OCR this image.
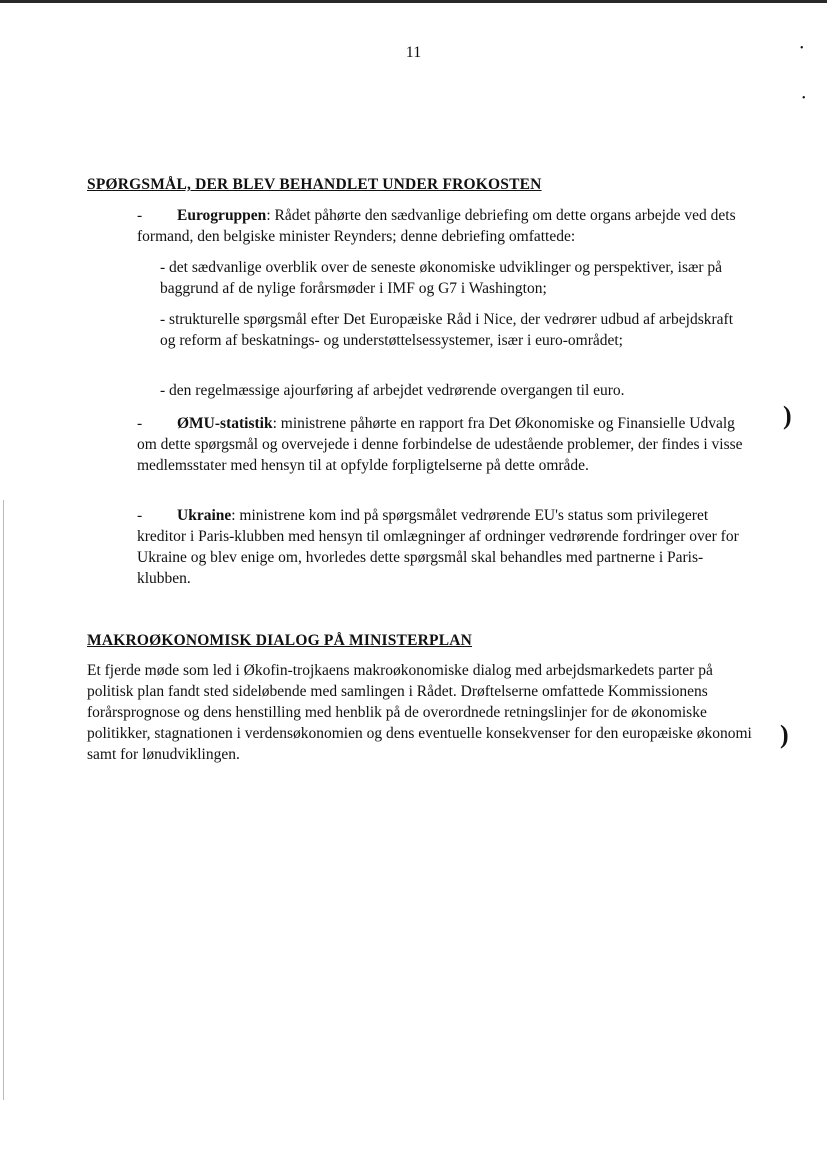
•
•
11
SPØRGSMÅL, DER BLEV BEHANDLET UNDER FROKOSTEN

- Eurogruppen: Rådet påhørte den sædvanlige debriefing om dette organs arbejde ved dets formand, den belgiske minister Reynders; denne debriefing omfattede:

- det sædvanlige overblik over de seneste økonomiske udviklinger og perspektiver, især på baggrund af de nylige forårsmøder i IMF og G7 i Washington;

- strukturelle spørgsmål efter Det Europæiske Råd i Nice, der vedrører udbud af arbejdskraft og reform af beskatnings- og understøttelsessystemer, især i euro-området;

- den regelmæssige ajourføring af arbejdet vedrørende overgangen til euro.

- ØMU-statistik: ministrene påhørte en rapport fra Det Økonomiske og Finansielle Udvalg om dette spørgsmål og overvejede i denne forbindelse de udestående problemer, der findes i visse medlemsstater med hensyn til at opfylde forpligtelserne på dette område.

- Ukraine: ministrene kom ind på spørgsmålet vedrørende EU's status som privilegeret kreditor i Paris-klubben med hensyn til omlægninger af ordninger vedrørende fordringer over for Ukraine og blev enige om, hvorledes dette spørgsmål skal behandles med partnerne i Paris-klubben.

MAKROØKONOMISK DIALOG PÅ MINISTERPLAN

Et fjerde møde som led i Økofin-trojkaens makroøkonomiske dialog med arbejdsmarkedets parter på politisk plan fandt sted sideløbende med samlingen i Rådet. Drøftelserne omfattede Kommissionens forårsprognose og dens henstilling med henblik på de overordnede retningslinjer for de økonomiske politikker, stagnationen i verdensøkonomien og dens eventuelle konsekvenser for den europæiske økonomi samt for lønudviklingen.

)
)
